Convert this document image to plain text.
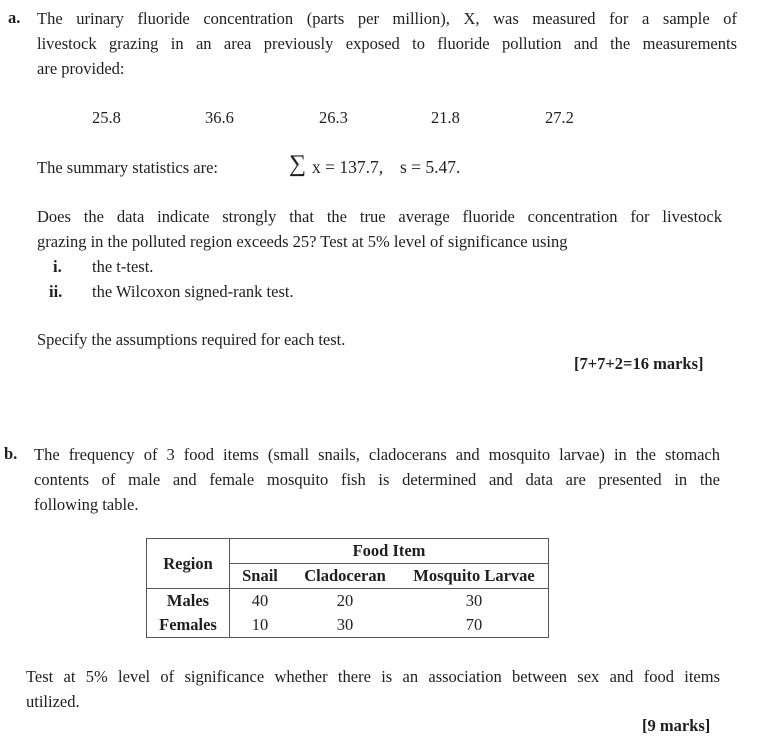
a. The urinary fluoride concentration (parts per million), X, was measured for a sample of
livestock grazing in an area previously exposed to fluoride pollution and the measurements
are provided:
25.8	36.6	26.3	21.8	27.2
The summary statistics are:	∑ x = 137.7, s = 5.47.
Does the data indicate strongly that the true average fluoride concentration for livestock
grazing in the polluted region exceeds 25? Test at 5% level of significance using
i. the t-test.
ii. the Wilcoxon signed-rank test.
Specify the assumptions required for each test.
[7+7+2=16 marks]
b. The frequency of 3 food items (small snails, cladocerans and mosquito larvae) in the stomach
contents of male and female mosquito fish is determined and data are presented in the
following table.
Region	Food Item		
	Snail	Cladoceran	Mosquito Larvae
Males	40	20	30
Females	10	30	70
Test at 5% level of significance whether there is an association between sex and food items
utilized.
[9 marks]
